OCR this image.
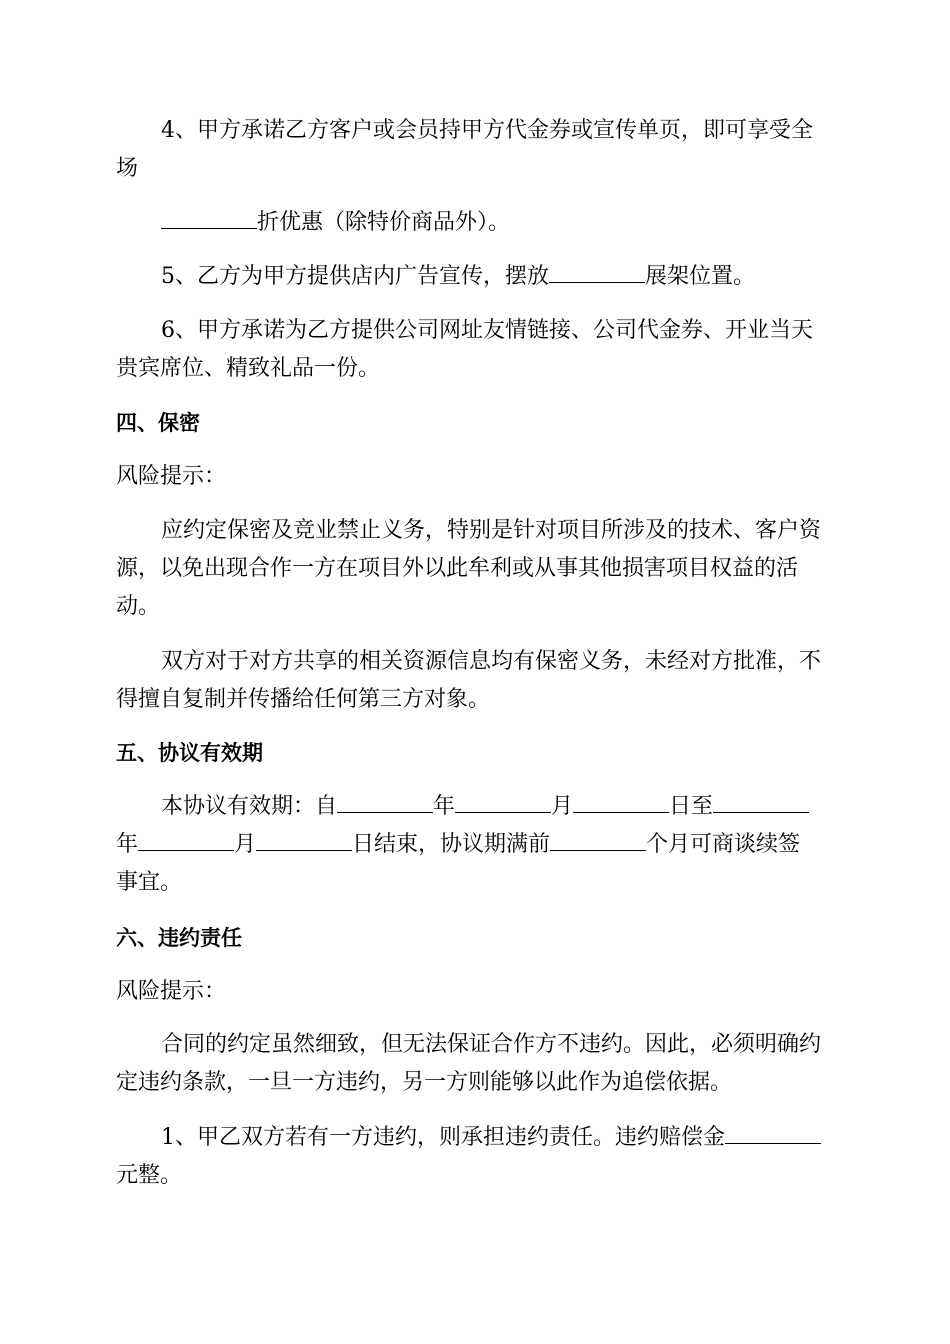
4、甲方承诺乙方客户或会员持甲方代金券或宣传单页，即可享受全

场

折优惠（除特价商品外）。

5、乙方为甲方提供店内广告宣传，摆放	展架位置。

6、甲方承诺为乙方提供公司网址友情链接、公司代金券、开业当天

贵宾席位、精致礼品一份。

四、保密

风险提示：

应约定保密及竞业禁止义务，特别是针对项目所涉及的技术、客户资

源，以免出现合作一方在项目外以此牟利或从事其他损害项目权益的活

动。

双方对于对方共享的相关资源信息均有保密义务，未经对方批准，不

得擅自复制并传播给任何第三方对象。

五、协议有效期

本协议有效期：自	年	月	日至

年	月	日结束，协议期满前	个月可商谈续签

事宜。

六、违约责任

风险提示：

合同的约定虽然细致，但无法保证合作方不违约。因此，必须明确约

定违约条款，一旦一方违约，另一方则能够以此作为追偿依据。

1、甲乙双方若有一方违约，则承担违约责任。违约赔偿金

元整。
